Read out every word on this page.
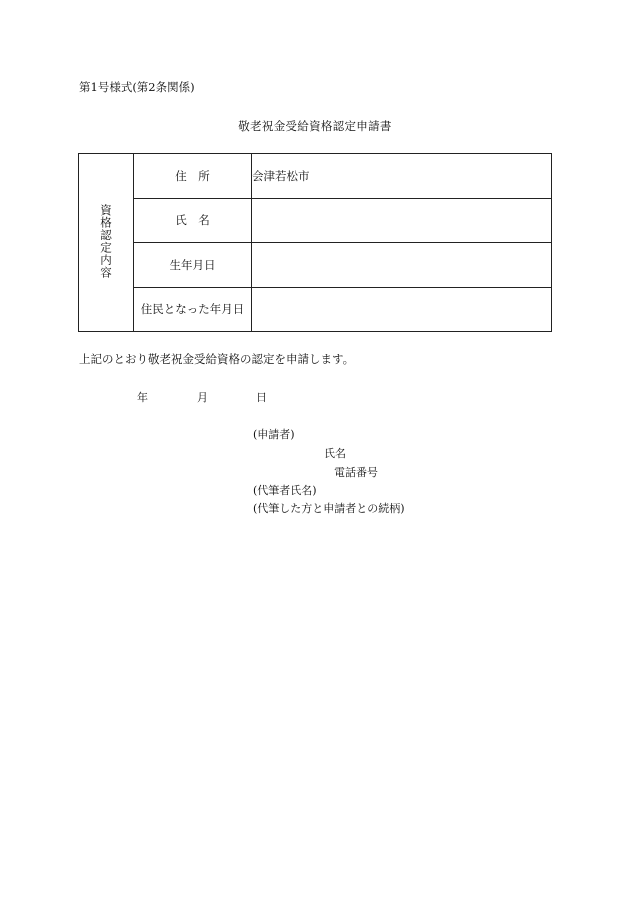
第1号様式(第2条関係)
敬老祝金受給資格認定申請書
資格認定内容	住　所	会津若松市
	氏　名	
	生年月日	
	住民となった年月日	
上記のとおり敬老祝金受給資格の認定を申請します。
年	月	日
(申請者)
氏名
電話番号
(代筆者氏名)
(代筆した方と申請者との続柄)
